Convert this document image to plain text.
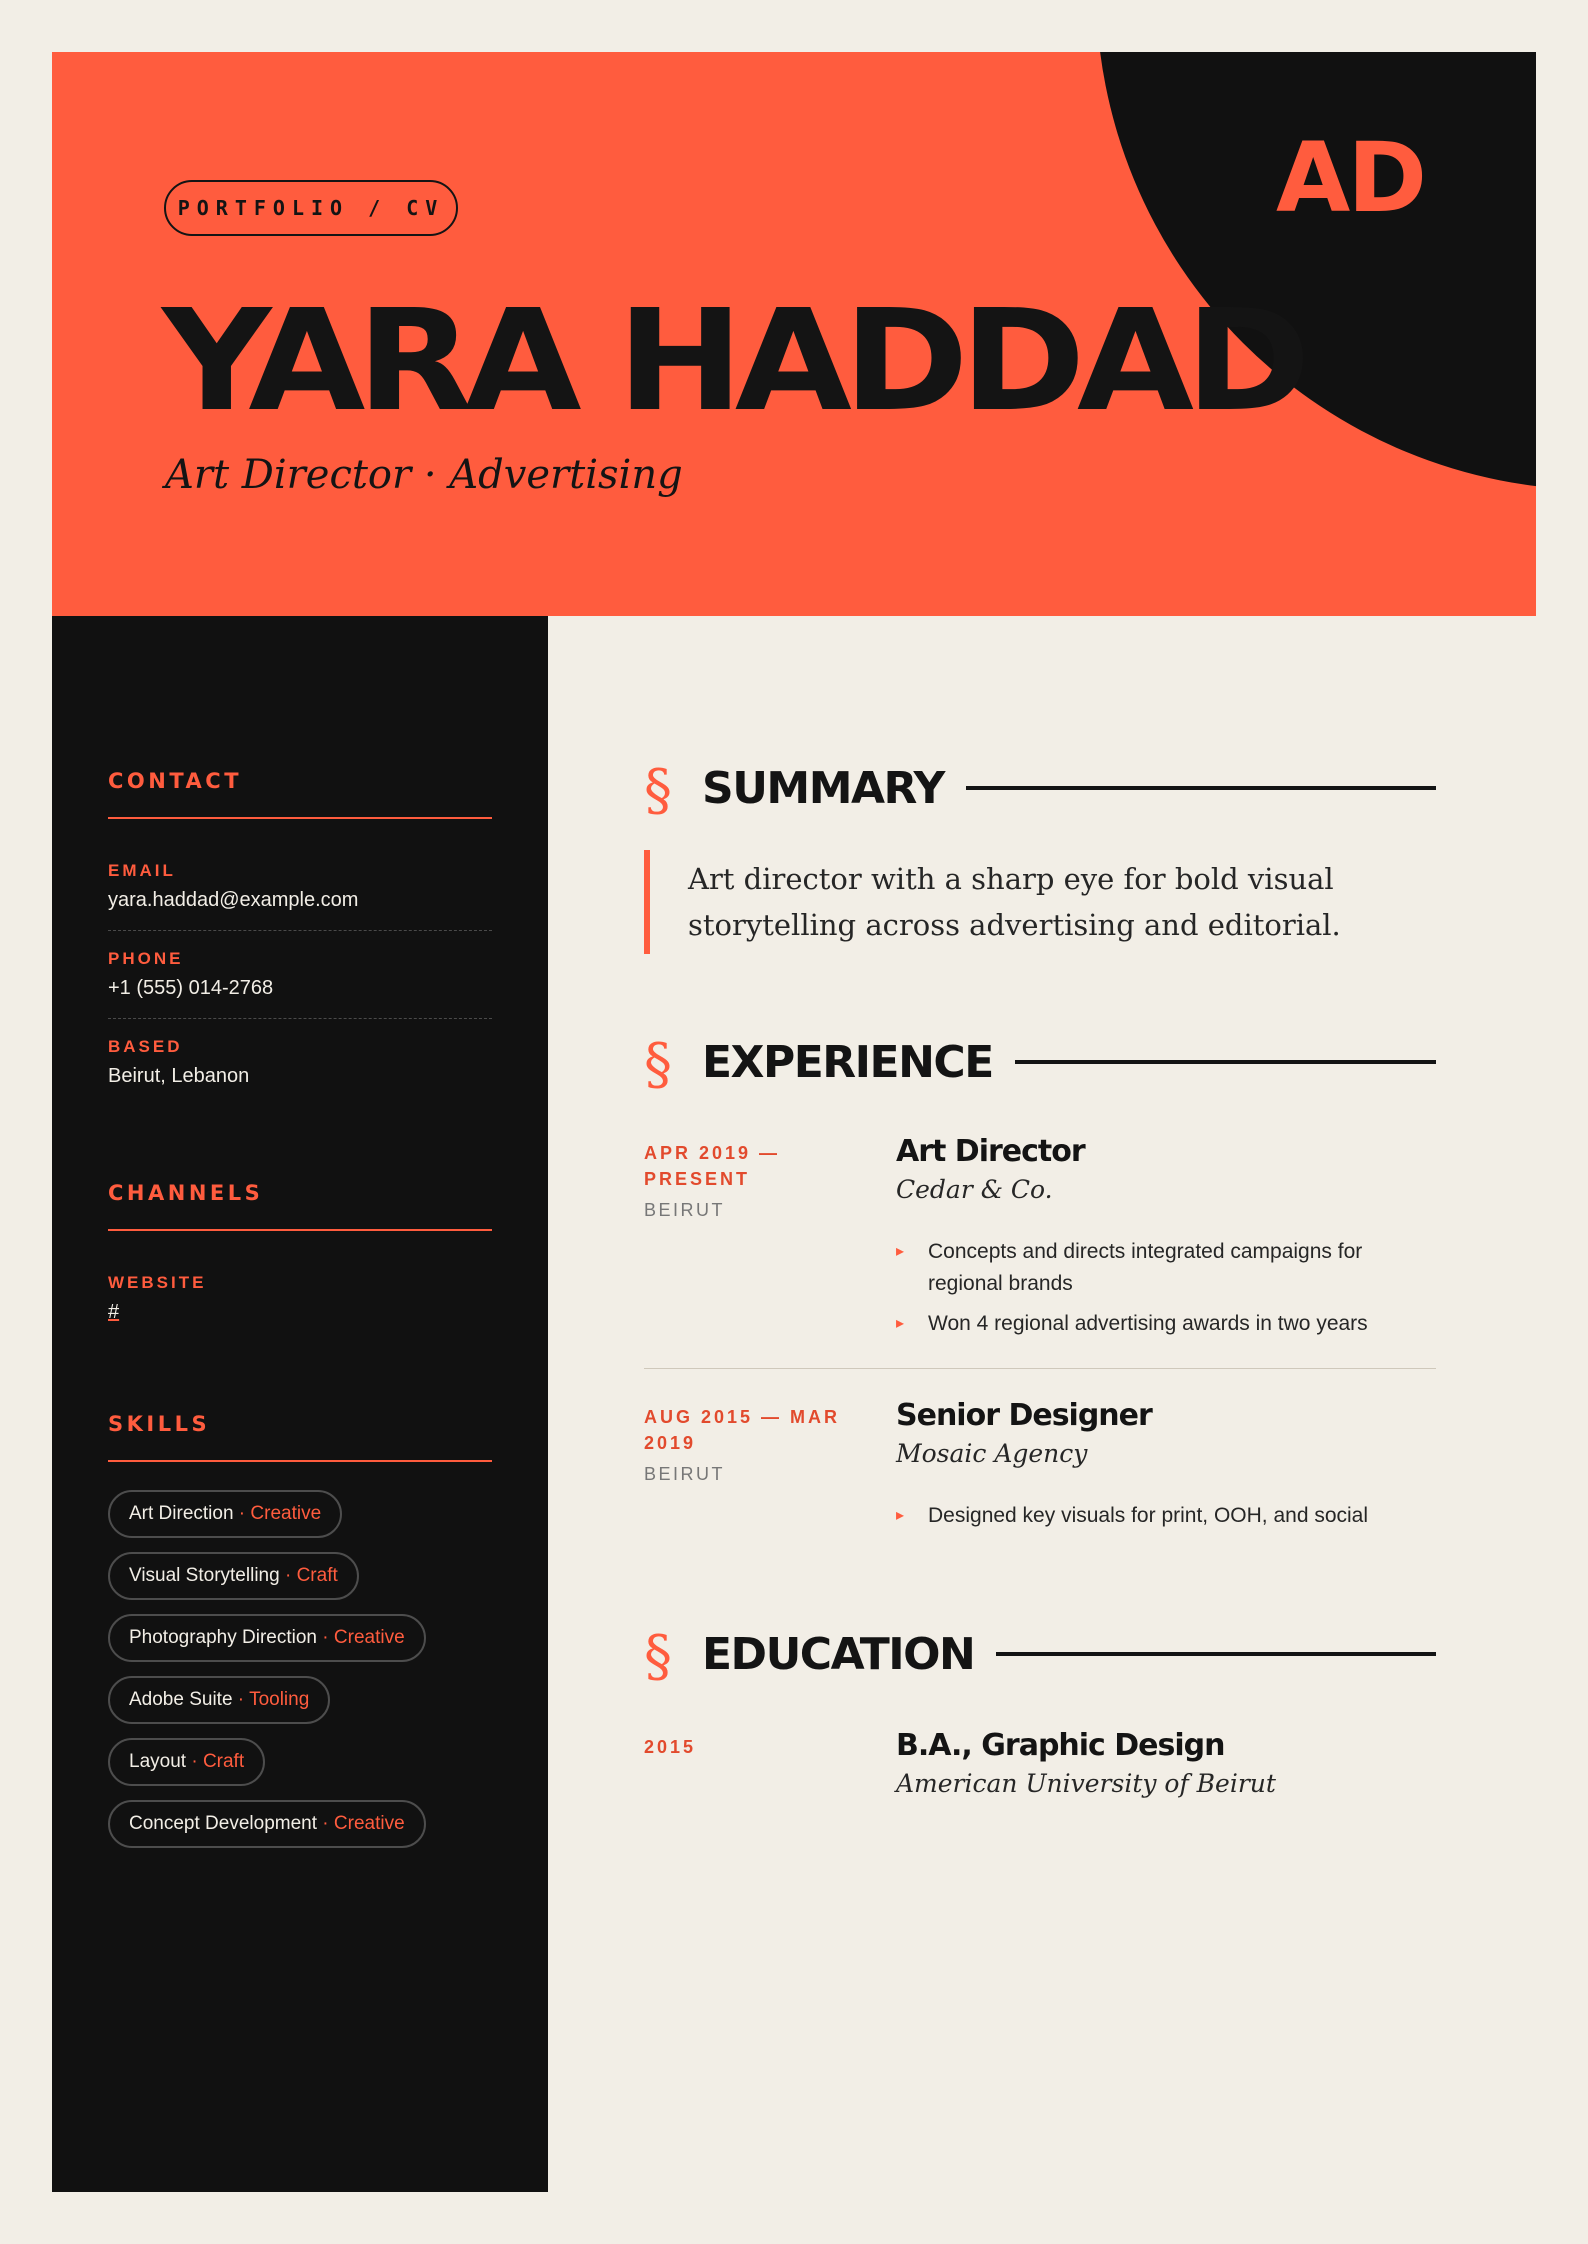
AD
PORTFOLIO / CV
YARA HADDAD
Art Director · Advertising
CONTACT
EMAIL
yara.haddad@example.com
PHONE
+1 (555) 014-2768
BASED
Beirut, Lebanon
CHANNELS
WEBSITE
#
SKILLS
Art Direction · Creative
Visual Storytelling · Craft
Photography Direction · Creative
Adobe Suite · Tooling
Layout · Craft
Concept Development · Creative
§ SUMMARY
Art director with a sharp eye for bold visual storytelling across advertising and editorial.
§ EXPERIENCE
APR 2019 — PRESENT
BEIRUT
Art Director
Cedar & Co.
▸ Concepts and directs integrated campaigns for regional brands
▸ Won 4 regional advertising awards in two years
AUG 2015 — MAR 2019
BEIRUT
Senior Designer
Mosaic Agency
▸ Designed key visuals for print, OOH, and social
§ EDUCATION
2015	B.A., Graphic Design
American University of Beirut
